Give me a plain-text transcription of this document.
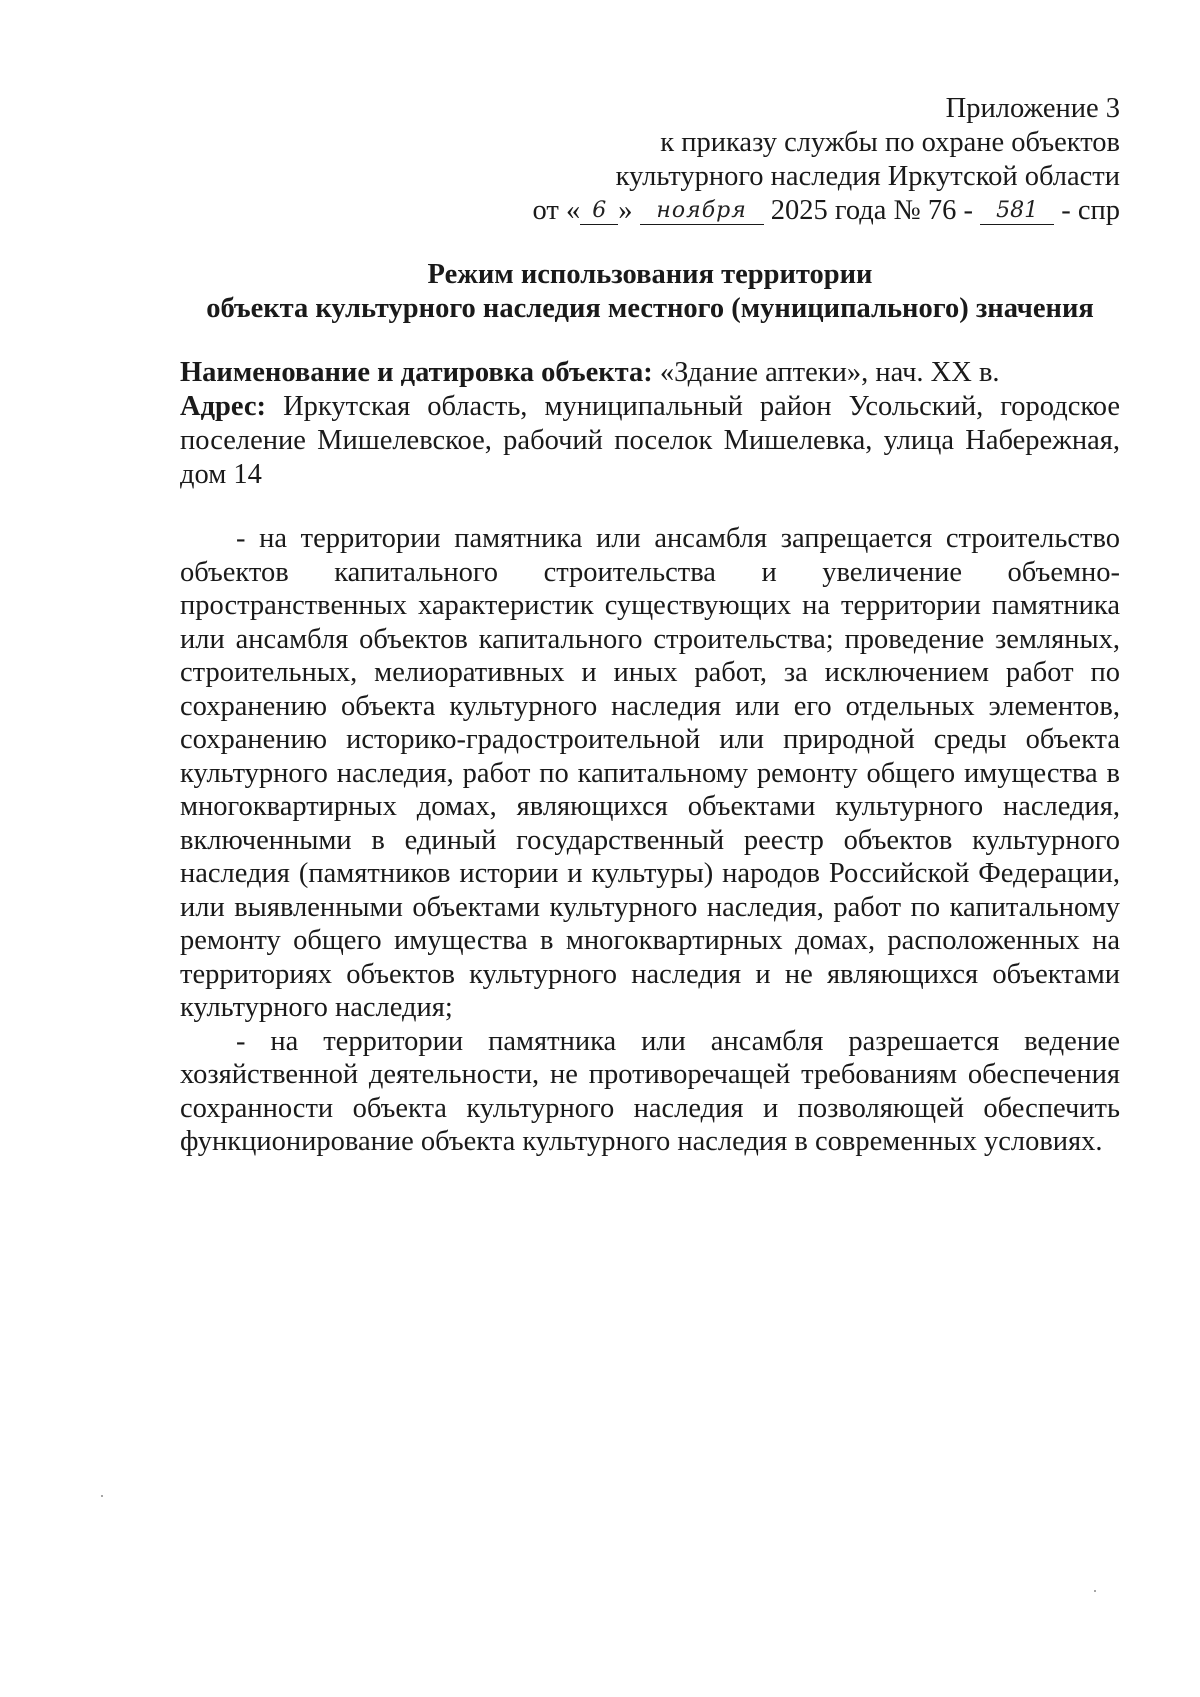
Приложение 3
к приказу службы по охране объектов
культурного наследия Иркутской области
от « 6 » ноября 2025 года № 76 - 581 - спр
Режим использования территории
объекта культурного наследия местного (муниципального) значения

Наименование и датировка объекта: «Здание аптеки», нач. XX в.

Адрес: Иркутская область, муниципальный район Усольский, городское поселение Мишелевское, рабочий поселок Мишелевка, улица Набережная, дом 14

- на территории памятника или ансамбля запрещается строительство объектов капитального строительства и увеличение объемно-пространственных характеристик существующих на территории памятника или ансамбля объектов капитального строительства; проведение земляных, строительных, мелиоративных и иных работ, за исключением работ по сохранению объекта культурного наследия или его отдельных элементов, сохранению историко-градостроительной или природной среды объекта культурного наследия, работ по капитальному ремонту общего имущества в многоквартирных домах, являющихся объектами культурного наследия, включенными в единый государственный реестр объектов культурного наследия (памятников истории и культуры) народов Российской Федерации, или выявленными объектами культурного наследия, работ по капитальному ремонту общего имущества в многоквартирных домах, расположенных на территориях объектов культурного наследия и не являющихся объектами культурного наследия;

- на территории памятника или ансамбля разрешается ведение хозяйственной деятельности, не противоречащей требованиям обеспечения сохранности объекта культурного наследия и позволяющей обеспечить функционирование объекта культурного наследия в современных условиях.
